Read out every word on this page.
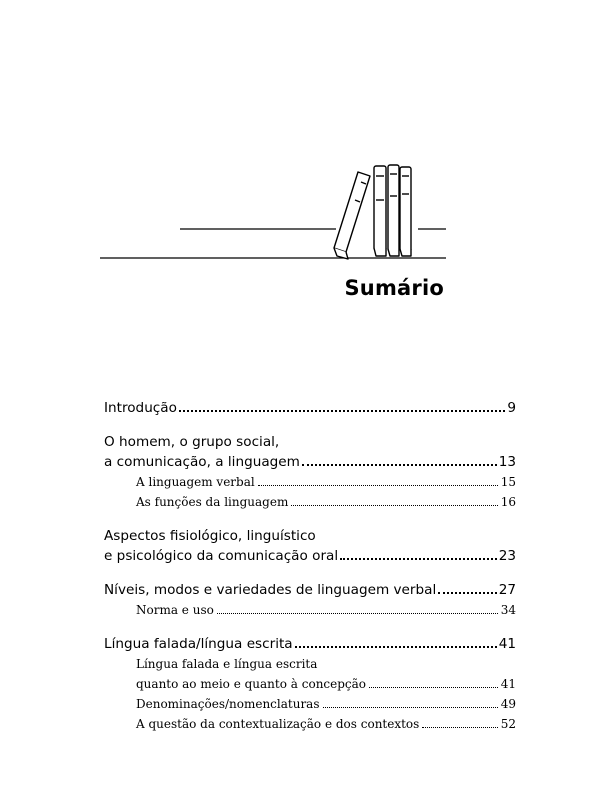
Sumário
Introdução	9
O homem, o grupo social,
a comunicação, a linguagem	13
A linguagem verbal	15
As funções da linguagem	16
Aspectos fisiológico, linguístico
e psicológico da comunicação oral	23
Níveis, modos e variedades de linguagem verbal	27
Norma e uso	34
Língua falada/língua escrita	41
Língua falada e língua escrita
quanto ao meio e quanto à concepção	41
Denominações/nomenclaturas	49
A questão da contextualização e dos contextos	52
